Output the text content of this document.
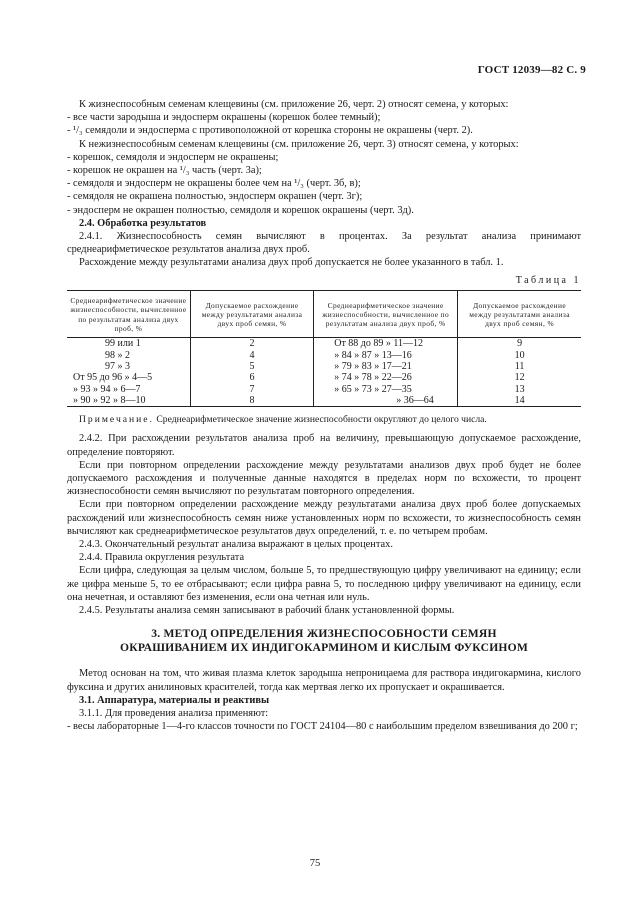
ГОСТ 12039—82 С. 9

К жизнеспособным семенам клещевины (см. приложение 26, черт. 2) относят семена, у которых:

- все части зародыша и эндосперм окрашены (корешок более темный);

- ¹/₃ семядоли и эндосперма с противоположной от корешка стороны не окрашены (черт. 2).

К нежизнеспособным семенам клещевины (см. приложение 26, черт. 3) относят семена, у которых:

- корешок, семядоля и эндосперм не окрашены;

- корешок не окрашен на ¹/₃ часть (черт. 3а);

- семядоля и эндосперм не окрашены более чем на ¹/₃ (черт. 3б, в);

- семядоля не окрашена полностью, эндосперм окрашен (черт. 3г);

- эндосперм не окрашен полностью, семядоля и корешок окрашены (черт. 3д).

2.4. Обработка результатов

2.4.1. Жизнеспособность семян вычисляют в процентах. За результат анализа принимают среднеарифметическое результатов анализа двух проб.

Расхождение между результатами анализа двух проб допускается не более указанного в табл. 1.

Таблица 1
Среднеарифметическое значение жизнеспособности, вычисленное по результатам анализа двух проб, %	Допускаемое расхождение между результатами анализа двух проб семян, %	Среднеарифметическое значение жизнеспособности, вычисленное по результатам анализа двух проб, %	Допускаемое расхождение между результатами анализа двух проб семян, %
99 или 1	2	От 88 до 89 » 11—12	9
98 » 2	4	» 84 » 87 » 13—16	10
97 » 3	5	» 79 » 83 » 17—21	11
От 95 до 96 » 4—5	6	» 74 » 78 » 22—26	12
» 93 » 94 » 6—7	7	» 65 » 73 » 27—35	13
» 90 » 92 » 8—10	8	» 36—64	14

Примечание. Среднеарифметическое значение жизнеспособности округляют до целого числа.

2.4.2. При расхождении результатов анализа проб на величину, превышающую допускаемое расхождение, определение повторяют.

Если при повторном определении расхождение между результатами анализов двух проб будет не более допускаемого расхождения и полученные данные находятся в пределах норм по всхожести, то процент жизнеспособности семян вычисляют по результатам повторного определения.

Если при повторном определении расхождение между результатами анализа двух проб более допускаемых расхождений или жизнеспособность семян ниже установленных норм по всхожести, то жизнеспособность семян вычисляют как среднеарифметическое результатов двух определений, т. е. по четырем пробам.

2.4.3. Окончательный результат анализа выражают в целых процентах.

2.4.4. Правила округления результата

Если цифра, следующая за целым числом, больше 5, то предшествующую цифру увеличивают на единицу; если же цифра меньше 5, то ее отбрасывают; если цифра равна 5, то последнюю цифру увеличивают на единицу, если она нечетная, и оставляют без изменения, если она четная или нуль.

2.4.5. Результаты анализа семян записывают в рабочий бланк установленной формы.

3. МЕТОД ОПРЕДЕЛЕНИЯ ЖИЗНЕСПОСОБНОСТИ СЕМЯН
ОКРАШИВАНИЕМ ИХ ИНДИГОКАРМИНОМ И КИСЛЫМ ФУКСИНОМ

Метод основан на том, что живая плазма клеток зародыша непроницаема для раствора индигокармина, кислого фуксина и других анилиновых красителей, тогда как мертвая легко их пропускает и окрашивается.

3.1. Аппаратура, материалы и реактивы

3.1.1. Для проведения анализа применяют:

- весы лабораторные 1—4-го классов точности по ГОСТ 24104—80 с наибольшим пределом взвешивания до 200 г;

75
